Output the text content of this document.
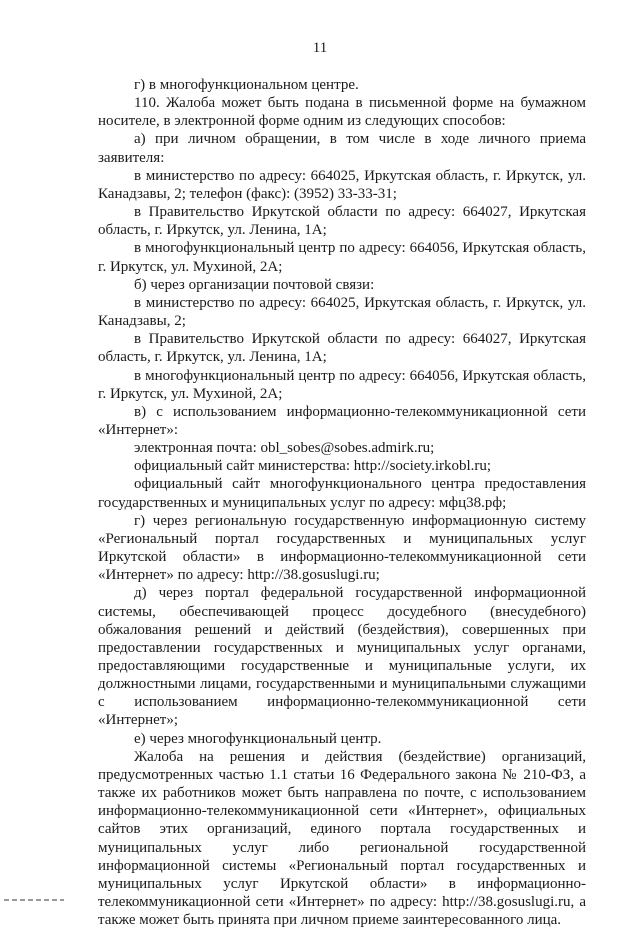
11

г) в многофункциональном центре.

110. Жалоба может быть подана в письменной форме на бумажном носителе, в электронной форме одним из следующих способов:

а) при личном обращении, в том числе в ходе личного приема заявителя:

в министерство по адресу: 664025, Иркутская область, г. Иркутск, ул. Канадзавы, 2; телефон (факс): (3952) 33-33-31;

в Правительство Иркутской области по адресу: 664027, Иркутская область, г. Иркутск, ул. Ленина, 1А;

в многофункциональный центр по адресу: 664056, Иркутская область, г. Иркутск, ул. Мухиной, 2А;

б) через организации почтовой связи:

в министерство по адресу: 664025, Иркутская область, г. Иркутск, ул. Канадзавы, 2;

в Правительство Иркутской области по адресу: 664027, Иркутская область, г. Иркутск, ул. Ленина, 1А;

в многофункциональный центр по адресу: 664056, Иркутская область, г. Иркутск, ул. Мухиной, 2А;

в) с использованием информационно-телекоммуникационной сети «Интернет»:

электронная почта: obl_sobes@sobes.admirk.ru;

официальный сайт министерства: http://society.irkobl.ru;

официальный сайт многофункционального центра предоставления государственных и муниципальных услуг по адресу: мфц38.рф;

г) через региональную государственную информационную систему «Региональный портал государственных и муниципальных услуг Иркутской области» в информационно-телекоммуникационной сети «Интернет» по адресу: http://38.gosuslugi.ru;

д) через портал федеральной государственной информационной системы, обеспечивающей процесс досудебного (внесудебного) обжалования решений и действий (бездействия), совершенных при предоставлении государственных и муниципальных услуг органами, предоставляющими государственные и муниципальные услуги, их должностными лицами, государственными и муниципальными служащими с использованием информационно-телекоммуникационной сети «Интернет»;

е) через многофункциональный центр.

Жалоба на решения и действия (бездействие) организаций, предусмотренных частью 1.1 статьи 16 Федерального закона № 210-ФЗ, а также их работников может быть направлена по почте, с использованием информационно-телекоммуникационной сети «Интернет», официальных сайтов этих организаций, единого портала государственных и муниципальных услуг либо региональной государственной информационной системы «Региональный портал государственных и муниципальных услуг Иркутской области» в информационно-телекоммуникационной сети «Интернет» по адресу: http://38.gosuslugi.ru, а также может быть принята при личном приеме заинтересованного лица.
